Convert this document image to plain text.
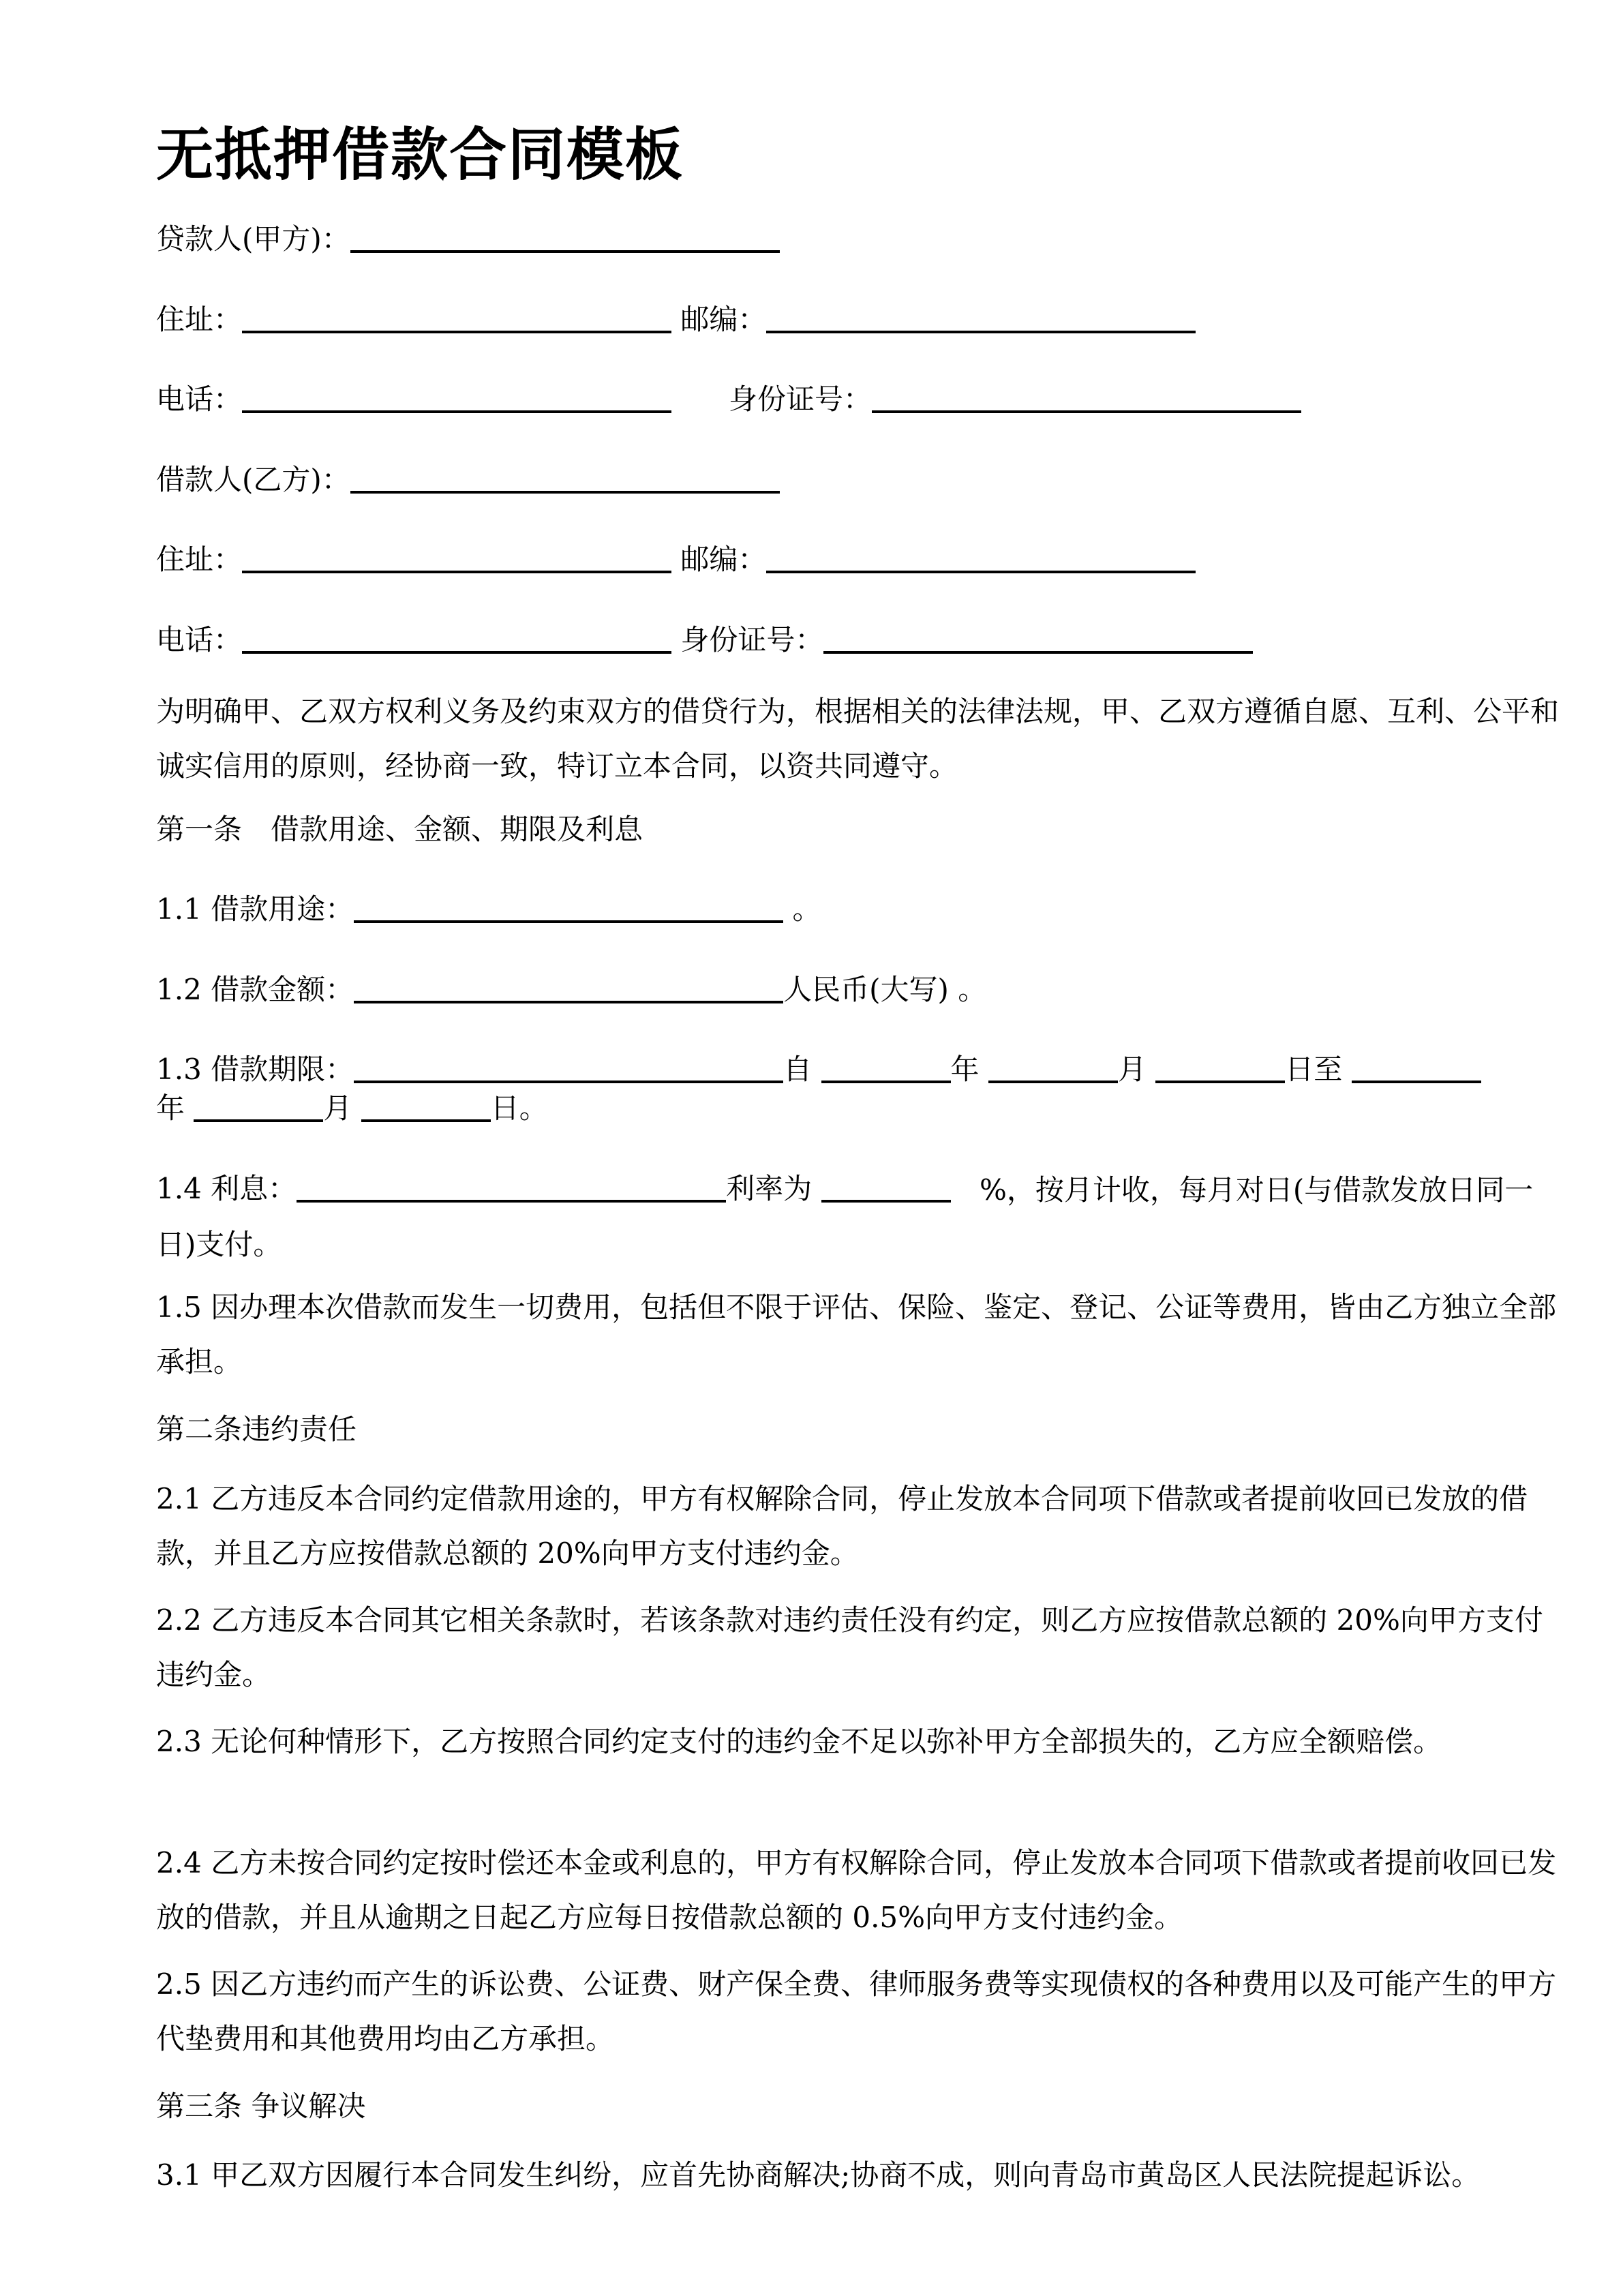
无抵押借款合同模板
贷款人(甲方)：
住址：	邮编：
电话：	身份证号：
借款人(乙方)：
住址：	邮编：
电话：	身份证号：
为明确甲、乙双方权利义务及约束双方的借贷行为，根据相关的法律法规，甲、乙双方遵循自愿、互利、公平和诚实信用的原则，经协商一致，特订立本合同，以资共同遵守。
第一条　借款用途、金额、期限及利息
1.1 借款用途：	。
1.2 借款金额：	人民币(大写) 。
1.3 借款期限：	自	年	月	日至
年	月	日。
1.4 利息：	利率为	%，按月计收，每月对日(与借款发放日同一日)支付。
1.5 因办理本次借款而发生一切费用，包括但不限于评估、保险、鉴定、登记、公证等费用，皆由乙方独立全部承担。
第二条违约责任
2.1 乙方违反本合同约定借款用途的，甲方有权解除合同，停止发放本合同项下借款或者提前收回已发放的借款，并且乙方应按借款总额的 20%向甲方支付违约金。
2.2 乙方违反本合同其它相关条款时，若该条款对违约责任没有约定，则乙方应按借款总额的 20%向甲方支付违约金。
2.3 无论何种情形下，乙方按照合同约定支付的违约金不足以弥补甲方全部损失的，乙方应全额赔偿。
2.4 乙方未按合同约定按时偿还本金或利息的，甲方有权解除合同，停止发放本合同项下借款或者提前收回已发放的借款，并且从逾期之日起乙方应每日按借款总额的 0.5%向甲方支付违约金。
2.5 因乙方违约而产生的诉讼费、公证费、财产保全费、律师服务费等实现债权的各种费用以及可能产生的甲方代垫费用和其他费用均由乙方承担。
第三条 争议解决
3.1 甲乙双方因履行本合同发生纠纷，应首先协商解决;协商不成，则向青岛市黄岛区人民法院提起诉讼。
